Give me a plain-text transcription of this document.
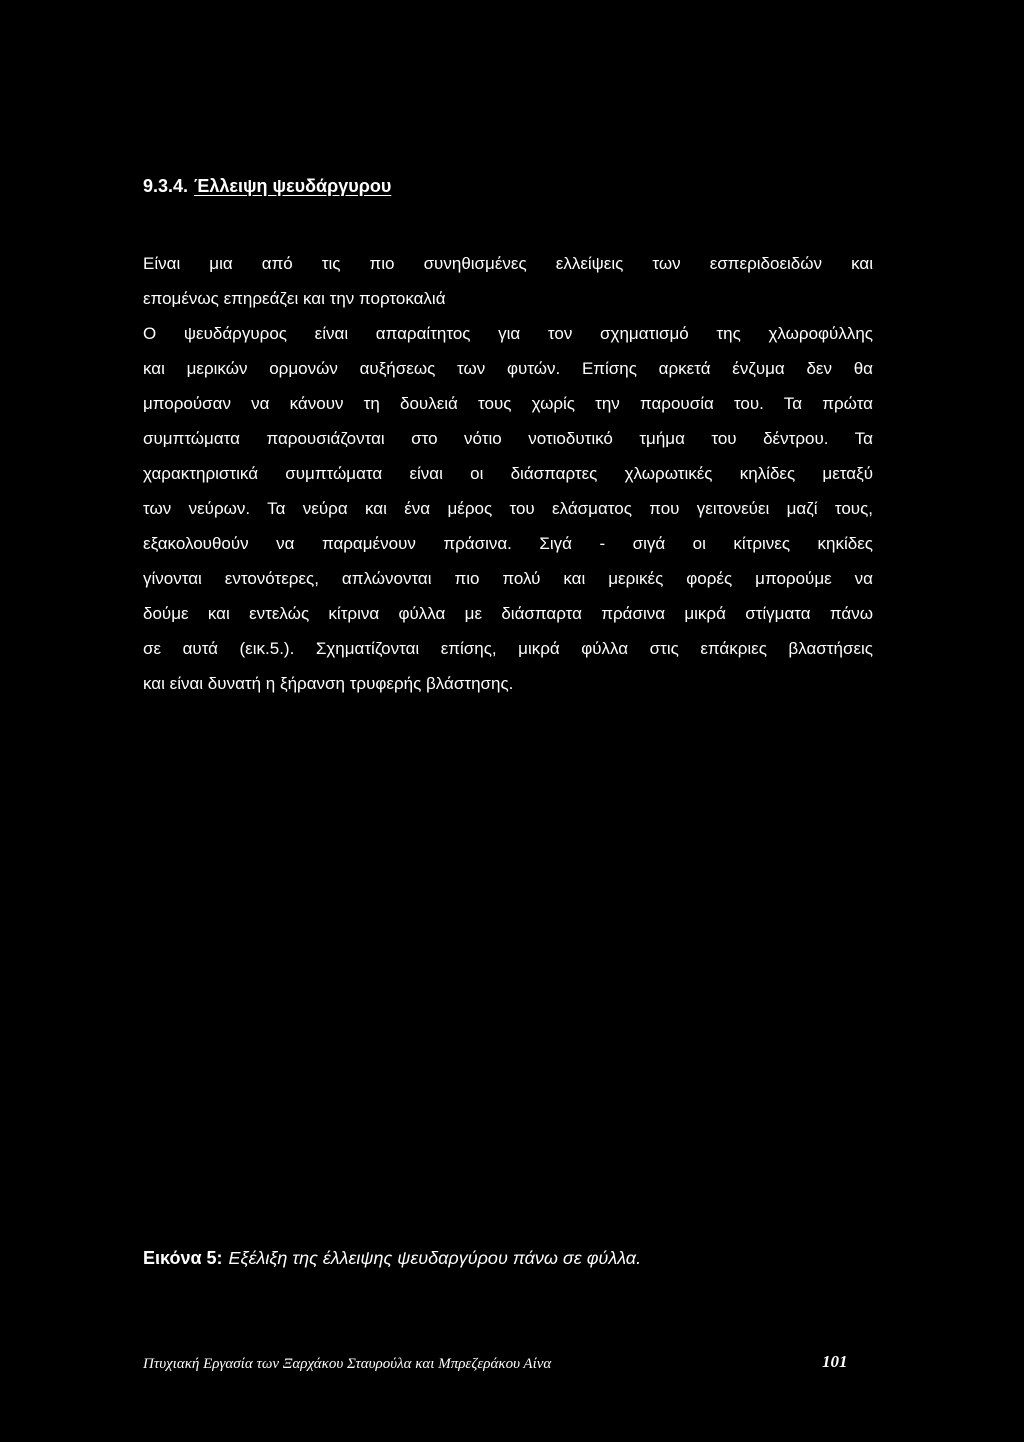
9.3.4. Έλλειψη ψευδάργυρου
Είναι μια από τις πιο συνηθισμένες ελλείψεις των εσπεριδοειδών και
επομένως επηρεάζει και την πορτοκαλιά
Ο ψευδάργυρος είναι απαραίτητος για τον σχηματισμό της χλωροφύλλης
και μερικών ορμονών αυξήσεως των φυτών. Επίσης αρκετά ένζυμα δεν θα
μπορούσαν να κάνουν τη δουλειά τους χωρίς την παρουσία του. Τα πρώτα
συμπτώματα παρουσιάζονται στο νότιο νοτιοδυτικό τμήμα του δέντρου. Τα
χαρακτηριστικά συμπτώματα είναι οι διάσπαρτες χλωρωτικές κηλίδες μεταξύ
των νεύρων. Τα νεύρα και ένα μέρος του ελάσματος που γειτονεύει μαζί τους,
εξακολουθούν να παραμένουν πράσινα. Σιγά - σιγά οι κίτρινες κηκίδες
γίνονται εντονότερες, απλώνονται πιο πολύ και μερικές φορές μπορούμε να
δούμε και εντελώς κίτρινα φύλλα με διάσπαρτα πράσινα μικρά στίγματα πάνω
σε αυτά (εικ.5.). Σχηματίζονται επίσης, μικρά φύλλα στις επάκριες βλαστήσεις
και είναι δυνατή η ξήρανση τρυφερής βλάστησης.
Εικόνα 5: Εξέλιξη της έλλειψης ψευδαργύρου πάνω σε φύλλα.
Πτυχιακή Εργασία των Ξαρχάκου Σταυρούλα και Μπρεζεράκου Αίνα	101
